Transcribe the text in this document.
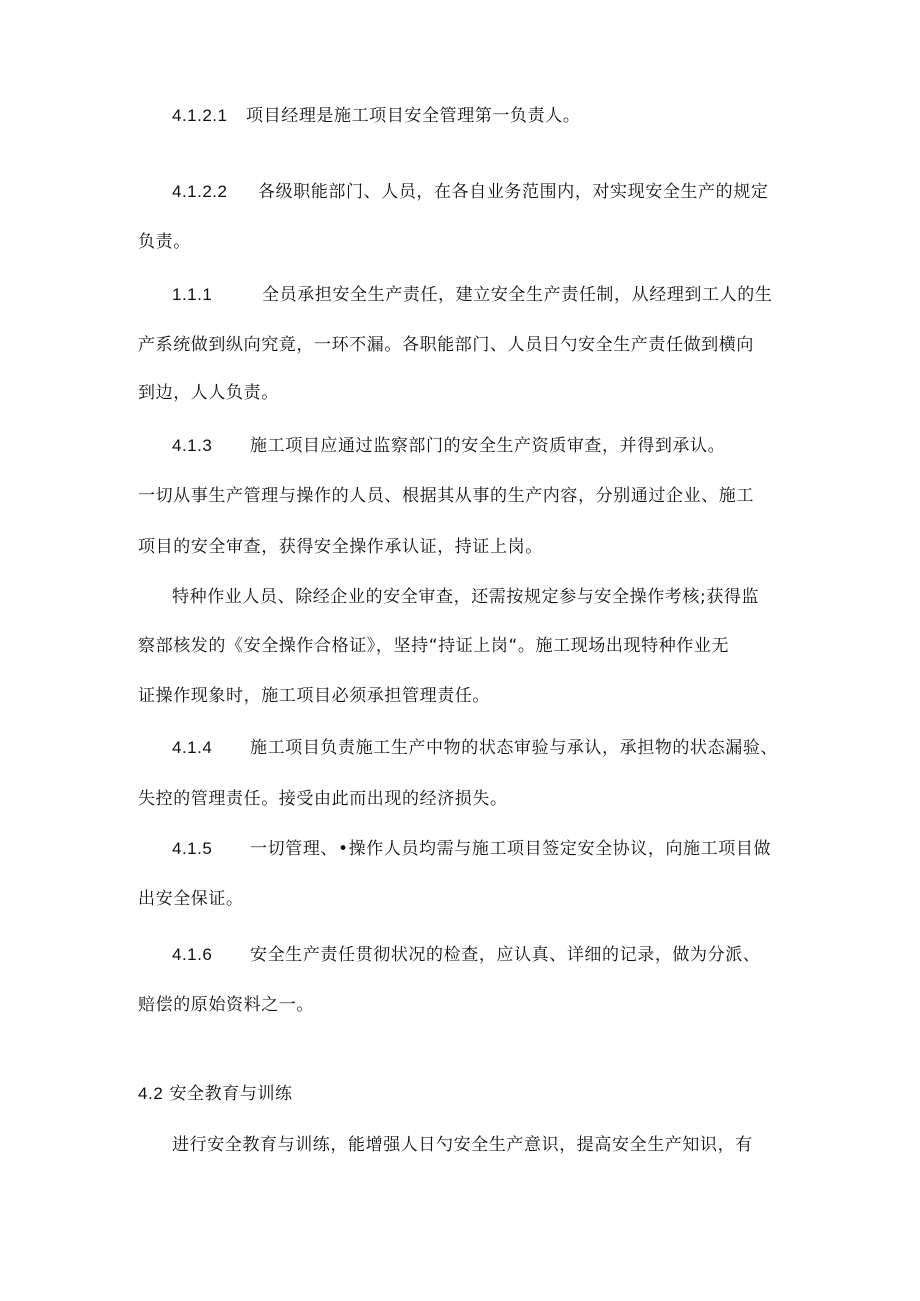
4.1.2.1 项目经理是施工项目安全管理第一负责人。
4.1.2.2 各级职能部门、人员，在各自业务范围内，对实现安全生产的规定
负责。
1.1.1	全员承担安全生产责任，建立安全生产责任制，从经理到工人的生
产系统做到纵向究竟，一环不漏。各职能部门、人员日勺安全生产责任做到横向
到边，人人负责。
4.1.3 施工项目应通过监察部门的安全生产资质审查，并得到承认。
一切从事生产管理与操作的人员、根据其从事的生产内容，分别通过企业、施工
项目的安全审查，获得安全操作承认证，持证上岗。
特种作业人员、除经企业的安全审查，还需按规定参与安全操作考核;获得监
察部核发的《安全操作合格证》，坚持“持证上岗“。施工现场出现特种作业无
证操作现象时，施工项目必须承担管理责任。
4.1.4 施工项目负责施工生产中物的状态审验与承认，承担物的状态漏验、
失控的管理责任。接受由此而出现的经济损失。
4.1.5 一切管理、•操作人员均需与施工项目签定安全协议，向施工项目做
出安全保证。
4.1.6 安全生产责任贯彻状况的检查，应认真、详细的记录，做为分派、
赔偿的原始资料之一。
4.2 安全教育与训练
进行安全教育与训练，能增强人日勺安全生产意识，提高安全生产知识，有
